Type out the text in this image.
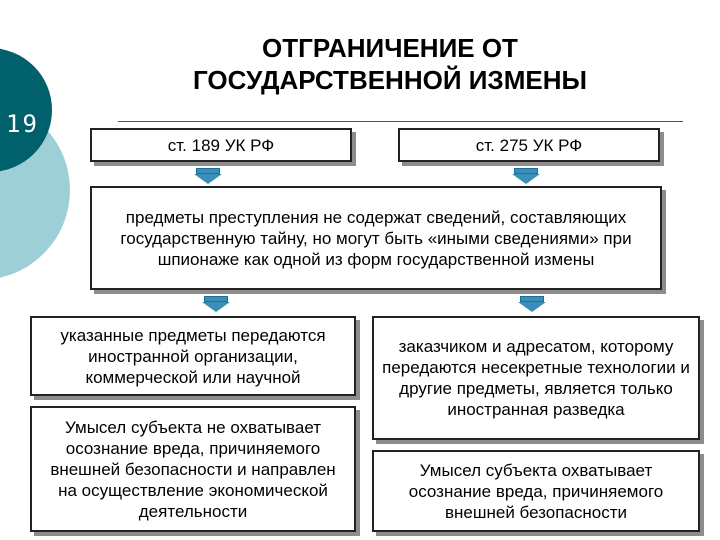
19
ОТГРАНИЧЕНИЕ ОТ
ГОСУДАРСТВЕННОЙ ИЗМЕНЫ
ст. 189 УК РФ	ст. 275 УК РФ
предметы преступления не содержат сведений, составляющих государственную тайну, но могут быть «иными сведениями» при шпионаже как одной из форм государственной измены
указанные предметы передаются иностранной организации, коммерческой или научной
Умысел субъекта не охватывает осознание вреда, причиняемого внешней безопасности и направлен на осуществление экономической деятельности
заказчиком и адресатом, которому передаются несекретные технологии и другие предметы, является только иностранная разведка
Умысел субъекта охватывает осознание вреда, причиняемого внешней безопасности
